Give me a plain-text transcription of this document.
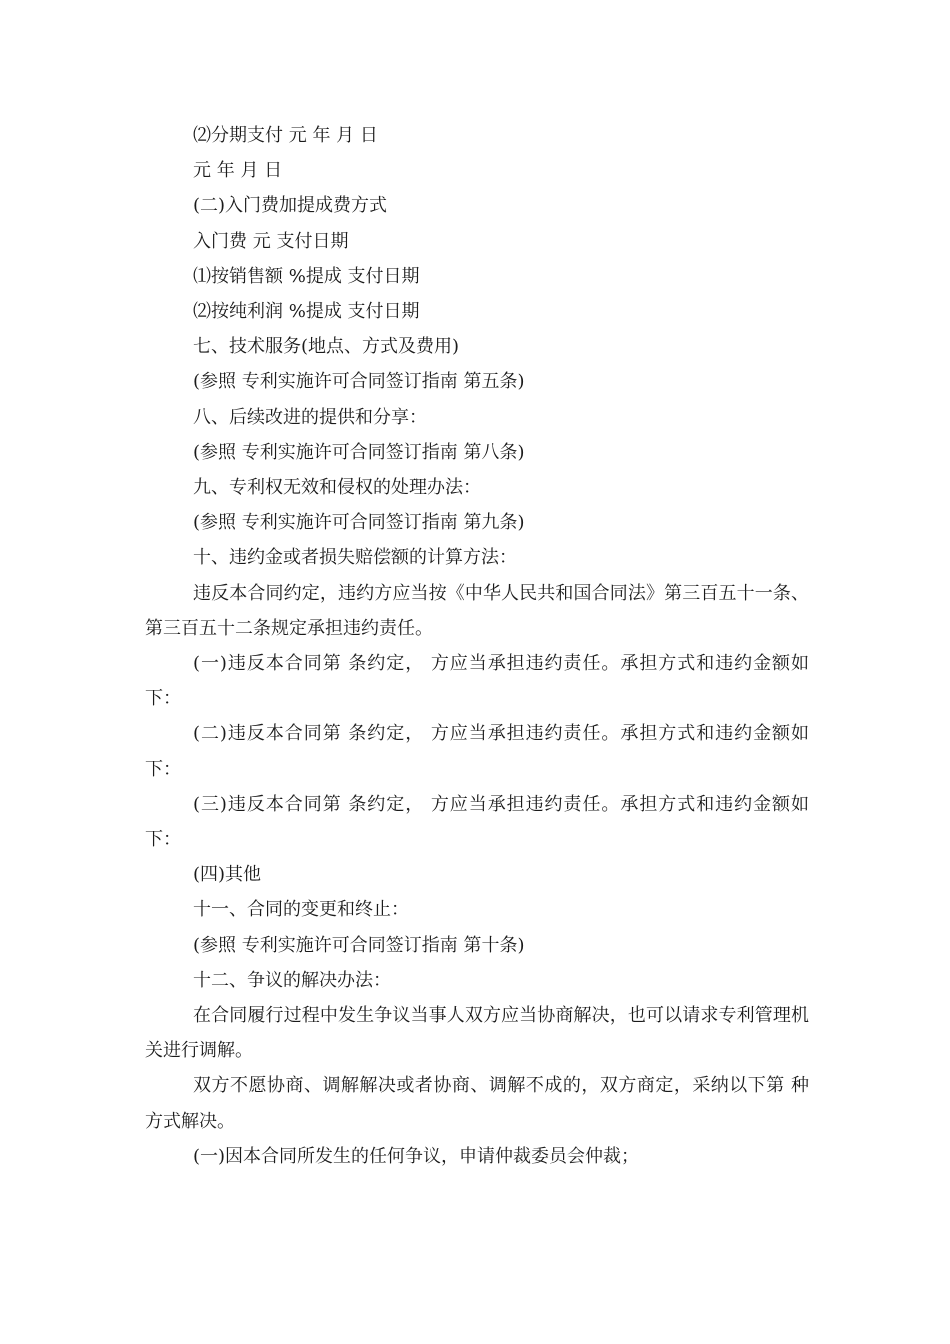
⑵分期支付 元 年 月 日

元 年 月 日

(二)入门费加提成费方式

入门费 元 支付日期

⑴按销售额 %提成 支付日期

⑵按纯利润 %提成 支付日期

七、技术服务(地点、方式及费用)

(参照 专利实施许可合同签订指南 第五条)

八、后续改进的提供和分享：

(参照 专利实施许可合同签订指南 第八条)

九、专利权无效和侵权的处理办法：

(参照 专利实施许可合同签订指南 第九条)

十、违约金或者损失赔偿额的计算方法：

违反本合同约定，违约方应当按《中华人民共和国合同法》第三百五十一条、第三百五十二条规定承担违约责任。

(一)违反本合同第 条约定， 方应当承担违约责任。承担方式和违约金额如下：

(二)违反本合同第 条约定， 方应当承担违约责任。承担方式和违约金额如下：

(三)违反本合同第 条约定， 方应当承担违约责任。承担方式和违约金额如下：

(四)其他

十一、合同的变更和终止：

(参照 专利实施许可合同签订指南 第十条)

十二、争议的解决办法：

在合同履行过程中发生争议当事人双方应当协商解决，也可以请求专利管理机关进行调解。

双方不愿协商、调解解决或者协商、调解不成的，双方商定，采纳以下第 种方式解决。

(一)因本合同所发生的任何争议，申请仲裁委员会仲裁；
